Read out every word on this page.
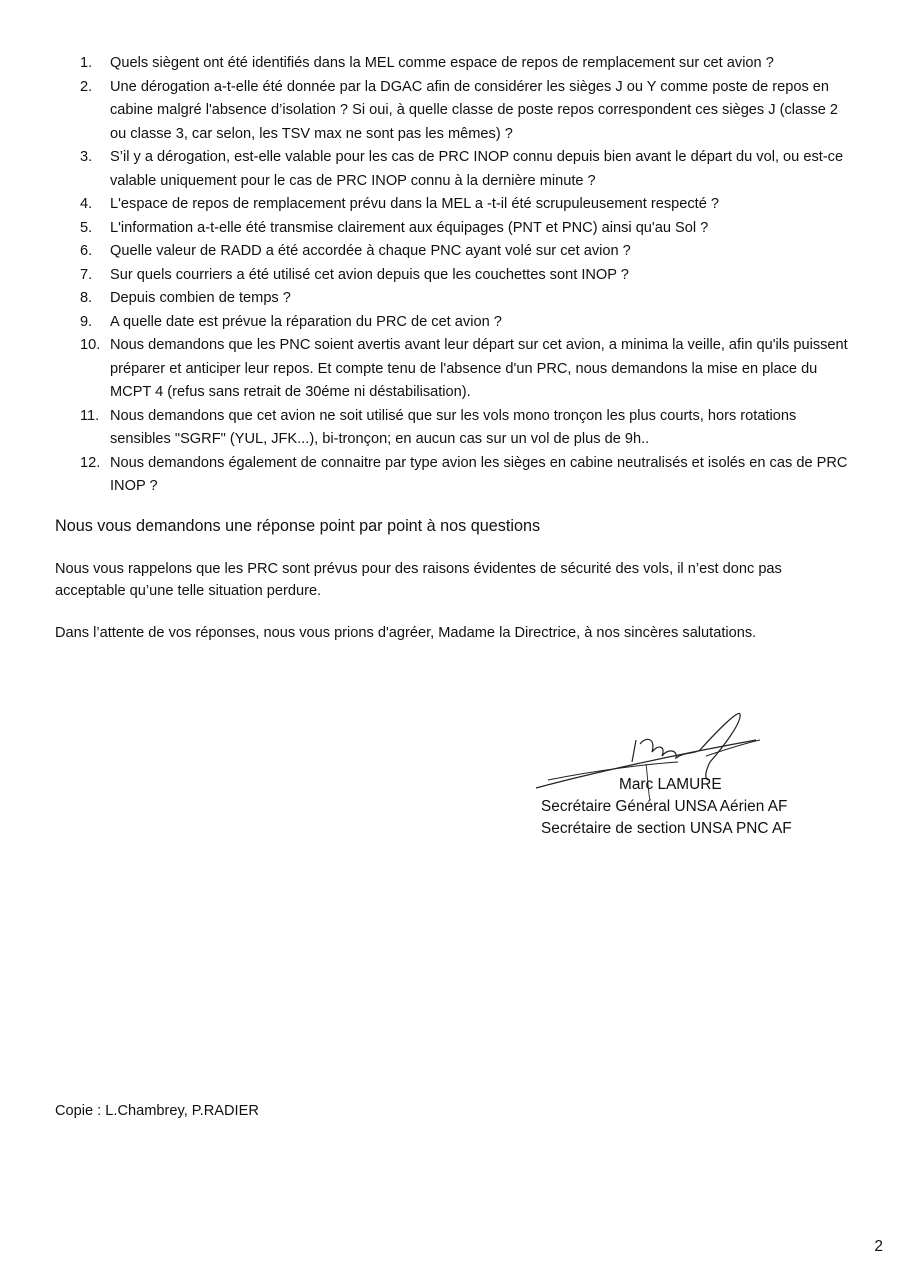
1. Quels siègent ont été identifiés dans la MEL comme espace de repos de remplacement sur cet avion ?
2. Une dérogation a-t-elle été donnée par la DGAC afin de considérer les sièges J ou Y comme poste de repos en cabine malgré l'absence d’isolation ? Si oui, à quelle classe de poste repos correspondent ces sièges J (classe 2 ou classe 3, car selon, les TSV max ne sont pas les mêmes) ?
3. S’il y a dérogation, est-elle valable pour les cas de PRC INOP connu depuis bien avant le départ du vol, ou est-ce valable uniquement pour le cas de PRC INOP connu à la dernière minute ?
4. L'espace de repos de remplacement prévu dans la MEL a -t-il été scrupuleusement respecté ?
5. L'information a-t-elle été transmise clairement aux équipages (PNT et PNC) ainsi qu'au Sol ?
6. Quelle valeur de RADD a été accordée à chaque PNC ayant volé sur cet avion ?
7. Sur quels courriers a été utilisé cet avion depuis que les couchettes sont INOP ?
8. Depuis combien de temps ?
9. A quelle date est prévue la réparation du PRC de cet avion ?
10. Nous demandons que les PNC soient avertis avant leur départ sur cet avion, a minima la veille, afin qu'ils puissent préparer et anticiper leur repos. Et compte tenu de l'absence d'un PRC, nous demandons la mise en place du MCPT 4 (refus sans retrait de 30éme ni déstabilisation).
11. Nous demandons que cet avion ne soit utilisé que sur les vols mono tronçon les plus courts, hors rotations sensibles "SGRF" (YUL, JFK...), bi-tronçon; en aucun cas sur un vol de plus de 9h..
12. Nous demandons également de connaitre par type avion les sièges en cabine neutralisés et isolés en cas de PRC INOP ?

Nous vous demandons une réponse point par point à nos questions

Nous vous rappelons que les PRC sont prévus pour des raisons évidentes de sécurité des vols, il n’est donc pas acceptable qu’une telle situation perdure.

Dans l’attente de vos réponses, nous vous prions d'agréer, Madame la Directrice, à nos sincères salutations.

Marc LAMURE
Secrétaire Général UNSA Aérien AF
Secrétaire de section UNSA PNC AF
Copie : L.Chambrey, P.RADIER
2
